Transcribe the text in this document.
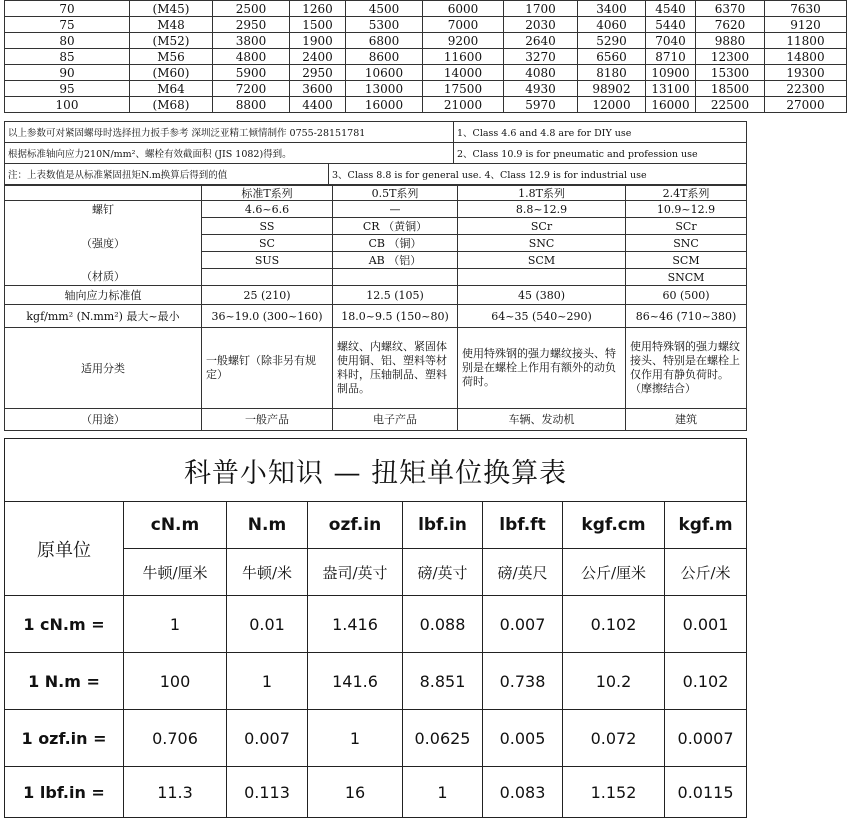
70	(M45)	2500	1260	4500	6000	1700	3400	4540	6370	7630
75	M48	2950	1500	5300	7000	2030	4060	5440	7620	9120
80	(M52)	3800	1900	6800	9200	2640	5290	7040	9880	11800
85	M56	4800	2400	8600	11600	3270	6560	8710	12300	14800
90	(M60)	5900	2950	10600	14000	4080	8180	10900	15300	19300
95	M64	7200	3600	13000	17500	4930	98902	13100	18500	22300
100	(M68)	8800	4400	16000	21000	5970	12000	16000	22500	27000
以上参数可对紧固螺母时选择扭力扳手参考 深圳泛亚精工倾情制作 0755-28151781		1、Class 4.6 and 4.8 are for DIY use
根据标准轴向应力210N/mm²、螺栓有效截面积 (JIS 1082)得到。		2、Class 10.9 is for pneumatic and profession use
注：上表数值是从标准紧固扭矩N.m换算后得到的值	3、Class 8.8 is for general use. 4、Class 12.9 is for industrial use	
	标准T系列	0.5T系列	1.8T系列	2.4T系列
螺钉	4.6~6.6	—	8.8~12.9	10.9~12.9
	SS	CR （黄铜）	SCr	SCr
（强度）	SC	CB （铜）	SNC	SNC
	SUS	AB （铝）	SCM	SCM
（材质）				SNCM
轴向应力标准值	25 (210)	12.5 (105)	45 (380)	60 (500)
kgf/mm² (N.mm²) 最大~最小	36~19.0 (300~160)	18.0~9.5 (150~80)	64~35 (540~290)	86~46 (710~380)
适用分类	一般螺钉（除非另有规定）	螺纹、内螺纹、紧固体使用铜、铝、塑料等材料时，压轴制品、塑料制品。	使用特殊钢的强力螺纹接头、特别是在螺栓上作用有额外的动负荷时。	使用特殊钢的强力螺纹接头、特别是在螺栓上仅作用有静负荷时。（摩擦结合）
（用途）	一般产品	电子产品	车辆、发动机	建筑
科普小知识 — 扭矩单位换算表							
原单位	cN.m	N.m	ozf.in	lbf.in	lbf.ft	kgf.cm	kgf.m
	牛顿/厘米	牛顿/米	盎司/英寸	磅/英寸	磅/英尺	公斤/厘米	公斤/米
1 cN.m =	1	0.01	1.416	0.088	0.007	0.102	0.001
1 N.m =	100	1	141.6	8.851	0.738	10.2	0.102
1 ozf.in =	0.706	0.007	1	0.0625	0.005	0.072	0.0007
1 lbf.in =	11.3	0.113	16	1	0.083	1.152	0.0115
